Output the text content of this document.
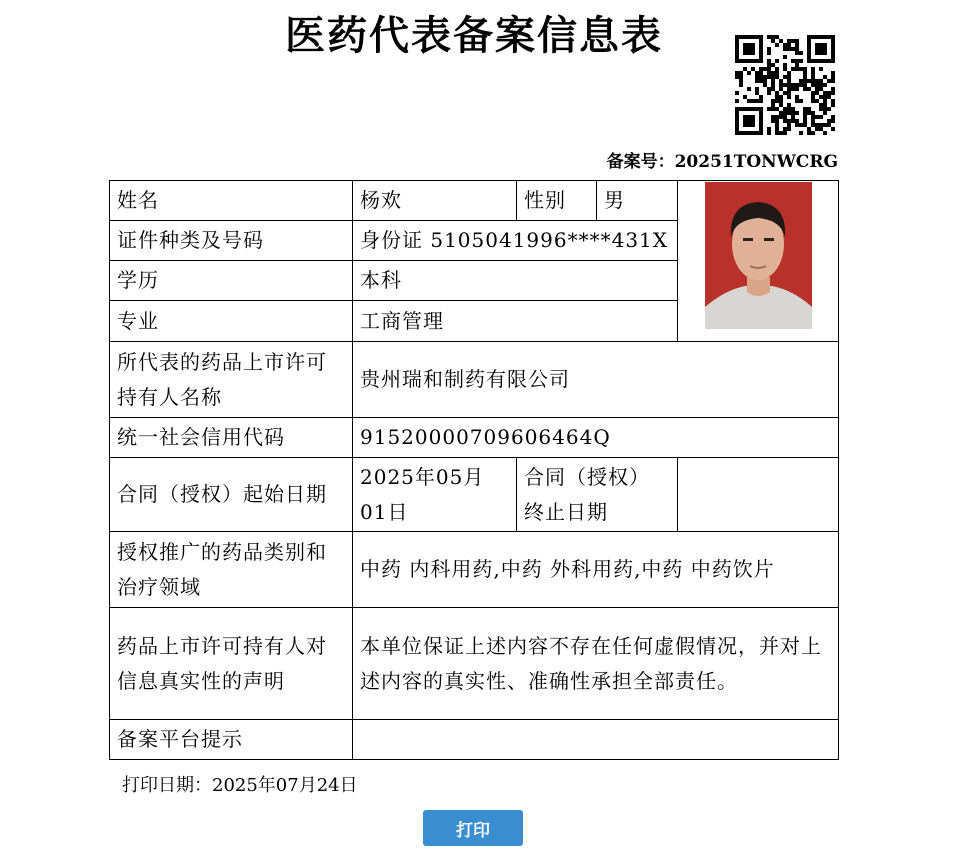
医药代表备案信息表
备案号：20251TONWCRG
姓名	杨欢	性别	男	
证件种类及号码	身份证 5105041996****431X			
学历	本科			
专业	工商管理			
所代表的药品上市许可持有人名称	贵州瑞和制药有限公司			
统一社会信用代码	91520000709606464Q			
合同（授权）起始日期	2025年05月01日	合同（授权）终止日期		
授权推广的药品类别和治疗领域	中药 内科用药,中药 外科用药,中药 中药饮片			
药品上市许可持有人对信息真实性的声明	本单位保证上述内容不存在任何虚假情况，并对上述内容的真实性、准确性承担全部责任。			
备案平台提示				
打印日期：2025年07月24日
打印
